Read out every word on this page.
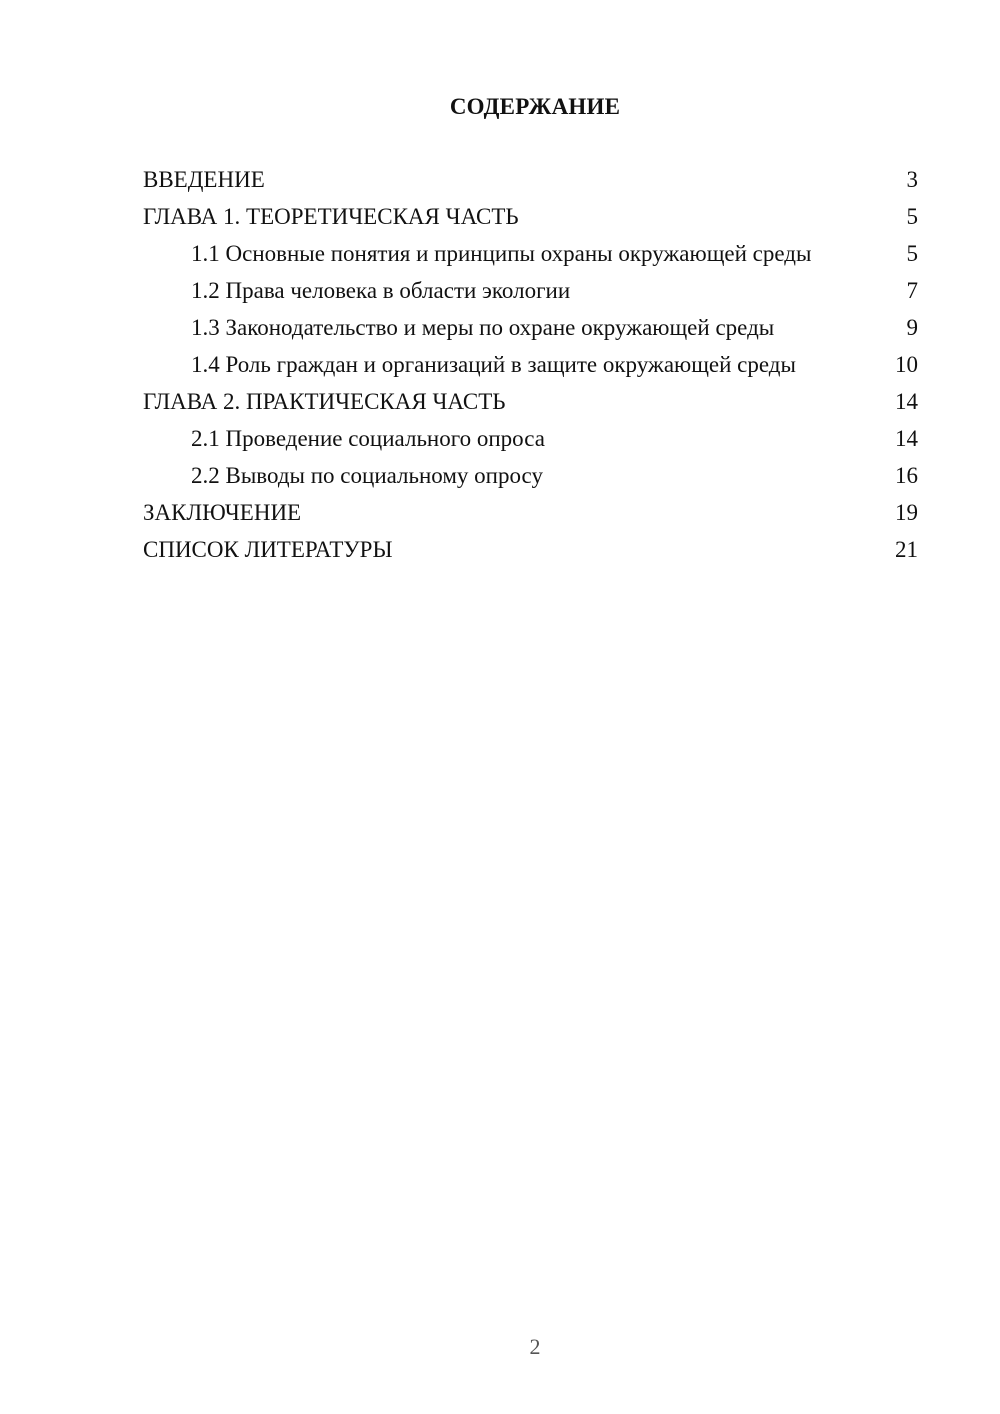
СОДЕРЖАНИЕ
ВВЕДЕНИЕ	3
ГЛАВА 1. ТЕОРЕТИЧЕСКАЯ ЧАСТЬ	5
1.1 Основные понятия и принципы охраны окружающей среды	5
1.2 Права человека в области экологии	7
1.3 Законодательство и меры по охране окружающей среды	9
1.4 Роль граждан и организаций в защите окружающей среды	10
ГЛАВА 2. ПРАКТИЧЕСКАЯ ЧАСТЬ	14
2.1 Проведение социального опроса	14
2.2 Выводы по социальному опросу	16
ЗАКЛЮЧЕНИЕ	19
СПИСОК ЛИТЕРАТУРЫ	21
2
